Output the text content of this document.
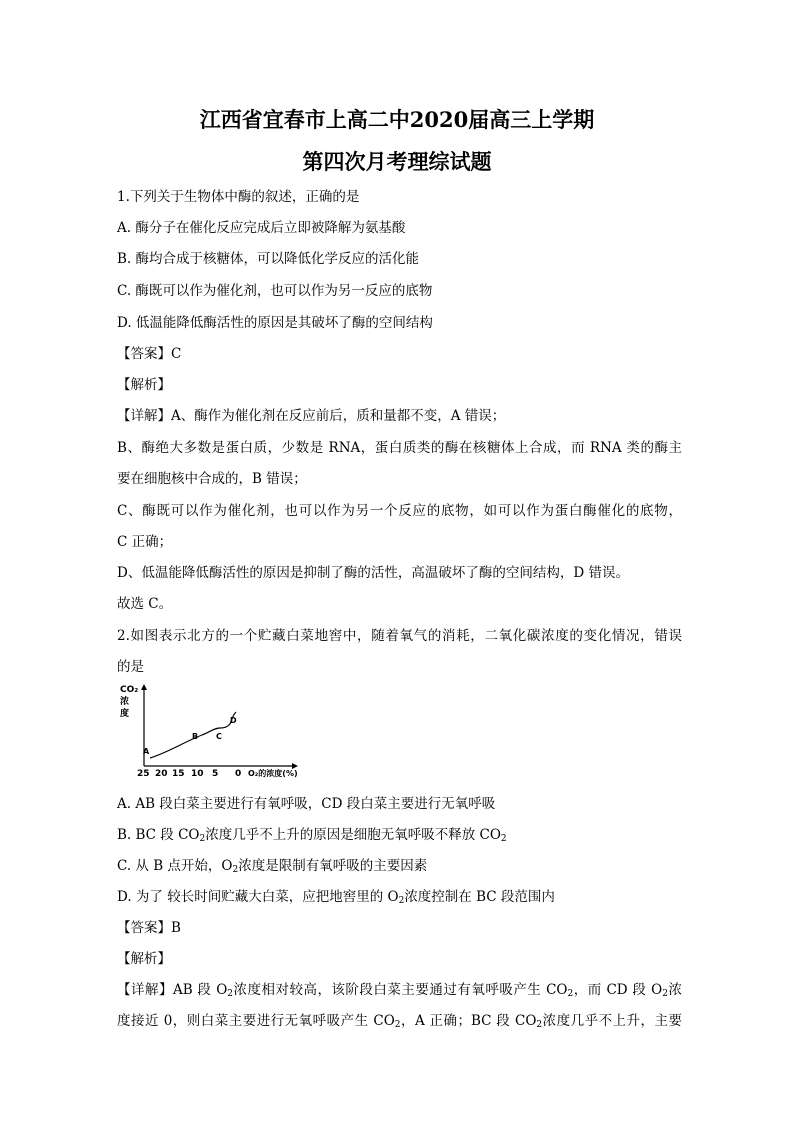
江西省宜春市上高二中2020届高三上学期
第四次月考理综试题
1.下列关于生物体中酶的叙述，正确的是
A. 酶分子在催化反应完成后立即被降解为氨基酸
B. 酶均合成于核糖体，可以降低化学反应的活化能
C. 酶既可以作为催化剂，也可以作为另一反应的底物
D. 低温能降低酶活性的原因是其破坏了酶的空间结构
【答案】C
【解析】
【详解】A、酶作为催化剂在反应前后，质和量都不变，A 错误；
B、酶绝大多数是蛋白质，少数是 RNA，蛋白质类的酶在核糖体上合成，而 RNA 类的酶主
要在细胞核中合成的，B 错误；
C、酶既可以作为催化剂，也可以作为另一个反应的底物，如可以作为蛋白酶催化的底物，
C 正确；
D、低温能降低酶活性的原因是抑制了酶的活性，高温破坏了酶的空间结构，D 错误。
故选 C。
2.如图表示北方的一个贮藏白菜地窖中，随着氧气的消耗，二氧化碳浓度的变化情况，错误
的是
CO₂
浓
度
A
B C
D
25 20 15 10 5 0 O₂的浓度(%)
A. AB 段白菜主要进行有氧呼吸，CD 段白菜主要进行无氧呼吸
B. BC 段 $CO_2$浓度几乎不上升的原因是细胞无氧呼吸不释放 $CO_2$
C. 从 B 点开始，$O_2$浓度是限制有氧呼吸的主要因素
D. 为了 较长时间贮藏大白菜，应把地窖里的 $O_2$浓度控制在 BC 段范围内
【答案】B
【解析】
【详解】AB 段 $O_2$浓度相对较高，该阶段白菜主要通过有氧呼吸产生 $CO_2$，而 CD 段 $O_2$浓
度接近 0，则白菜主要进行无氧呼吸产生 $CO_2$，A 正确；BC 段 $CO_2$浓度几乎不上升，主要
